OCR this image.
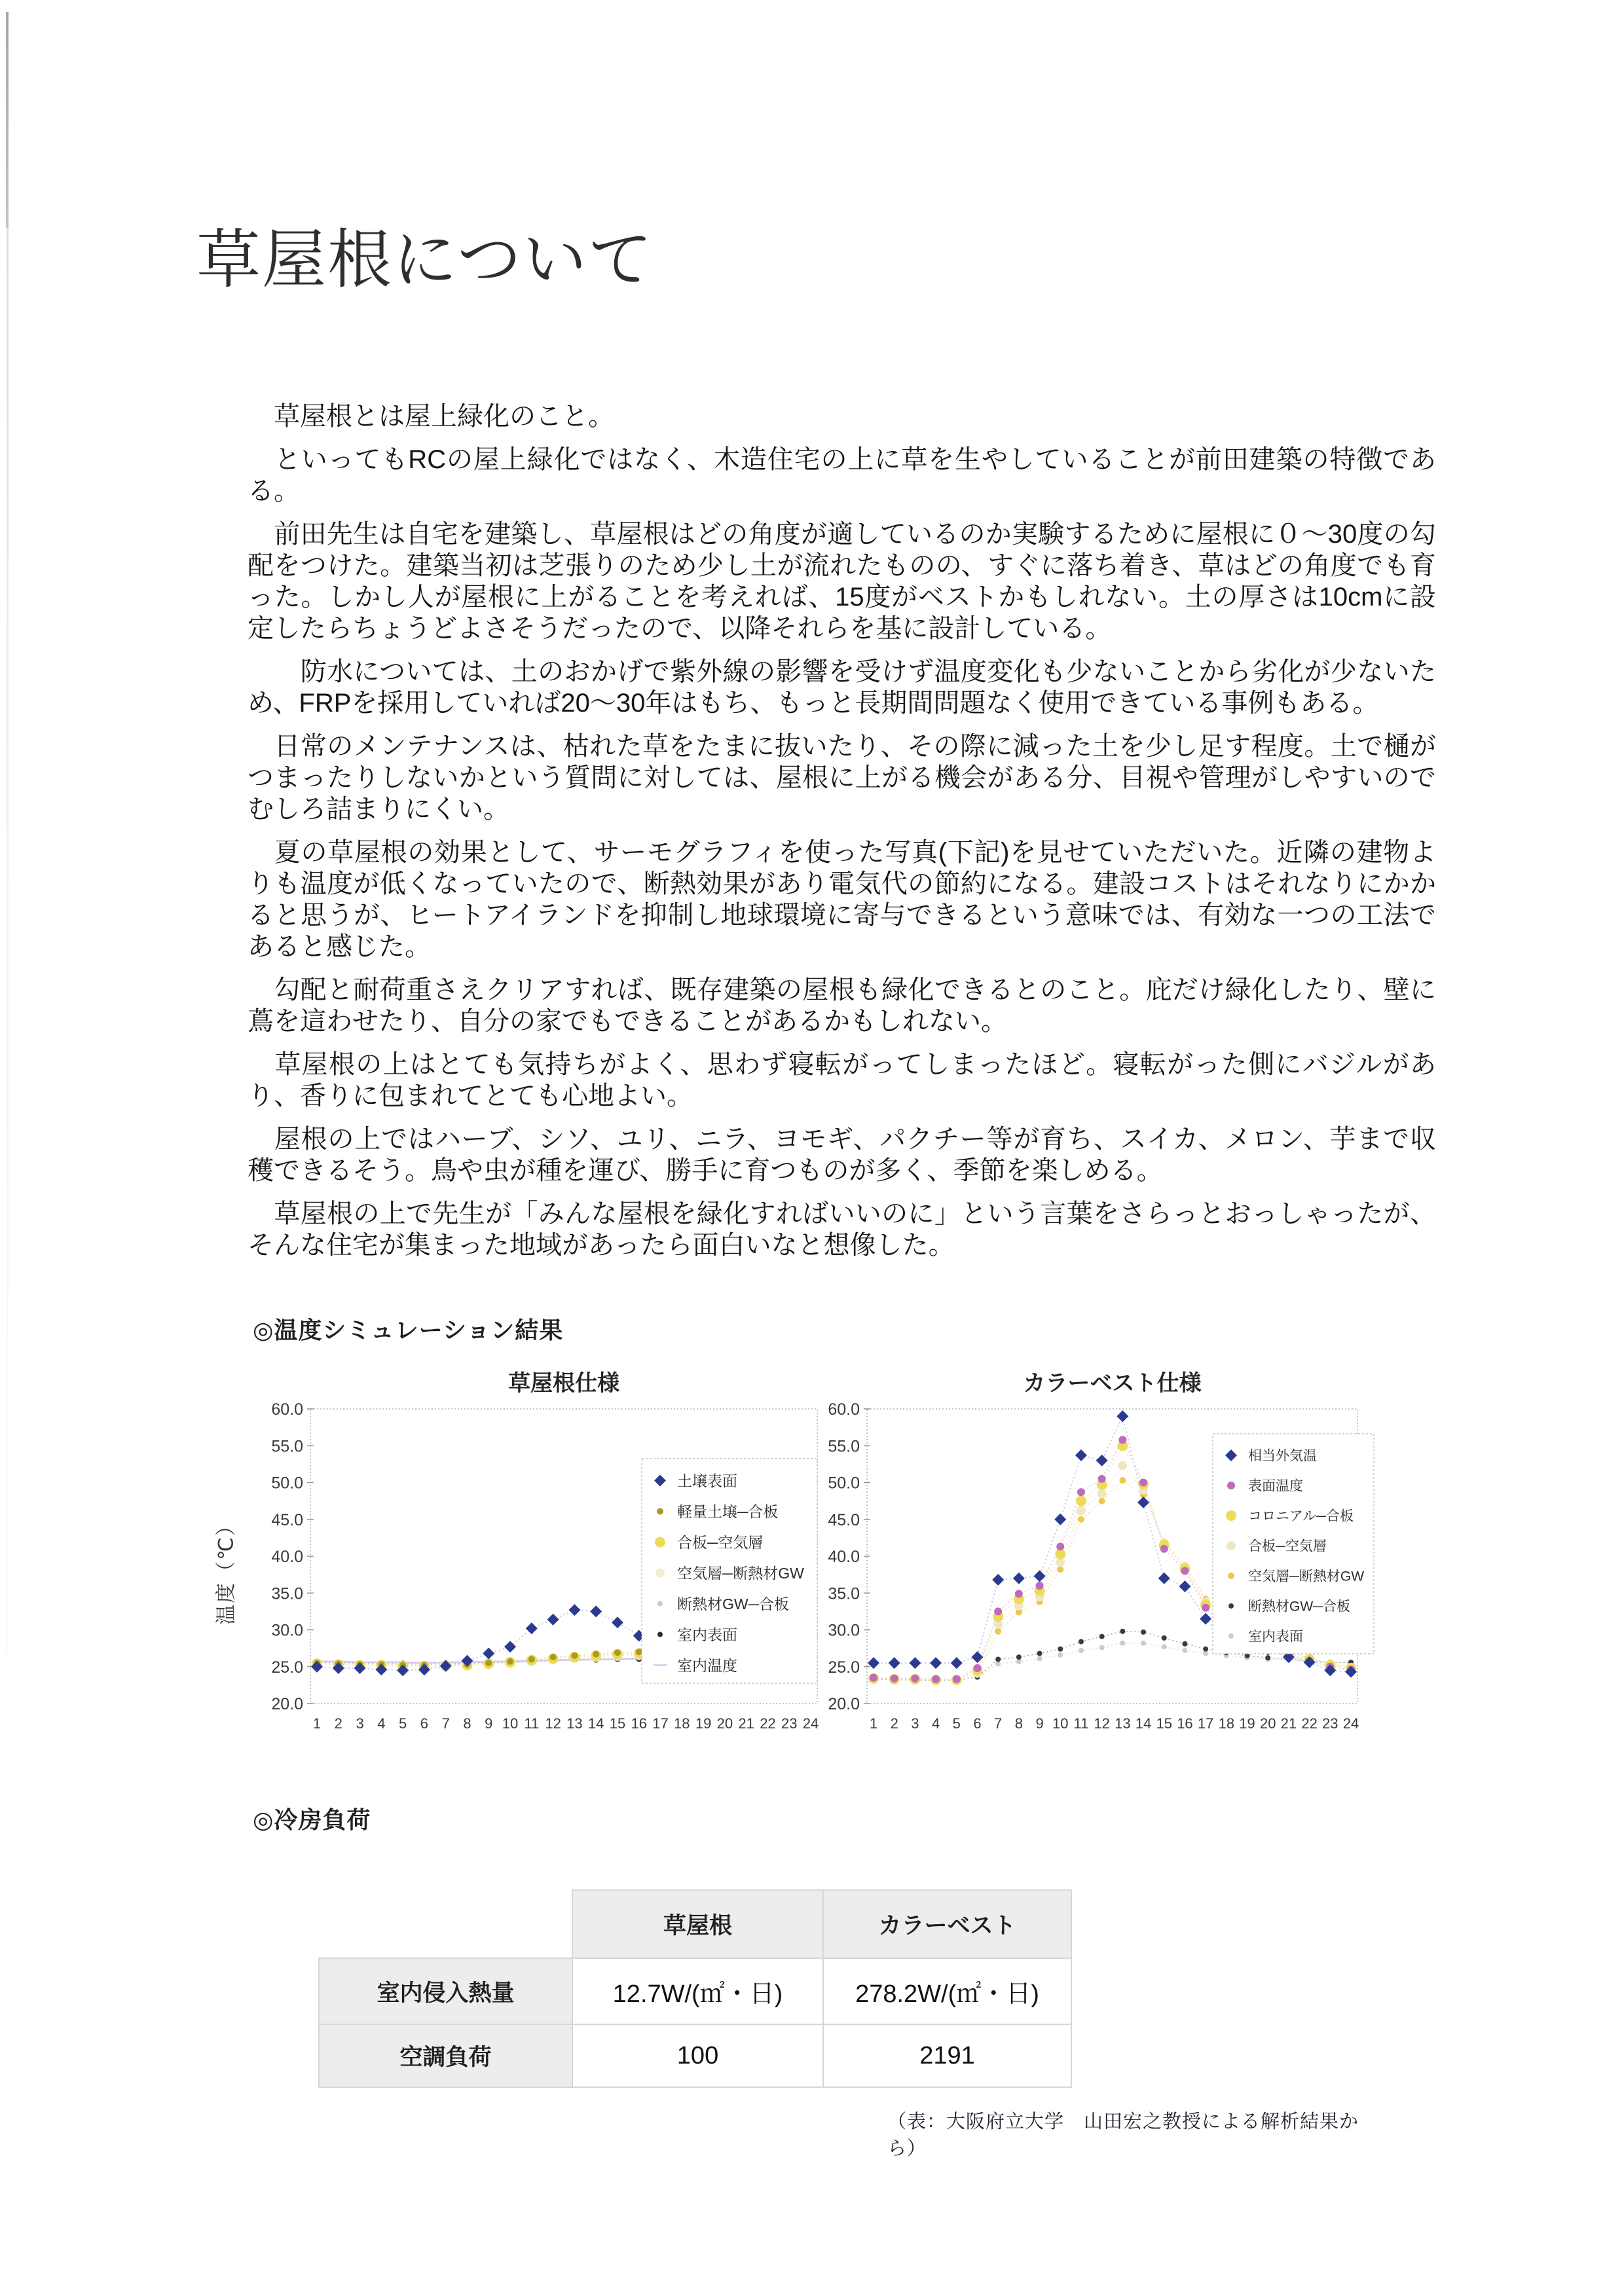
草屋根について

　草屋根とは屋上緑化のこと。

　といってもRCの屋上緑化ではなく、木造住宅の上に草を生やしていることが前田建築の特徴である。

　前田先生は自宅を建築し、草屋根はどの角度が適しているのか実験するために屋根に０～30度の勾配をつけた。建築当初は芝張りのため少し土が流れたものの、すぐに落ち着き、草はどの角度でも育った。しかし人が屋根に上がることを考えれば、15度がベストかもしれない。土の厚さは10cmに設定したらちょうどよさそうだったので、以降それらを基に設計している。

　　防水については、土のおかげで紫外線の影響を受けず温度変化も少ないことから劣化が少ないため、FRPを採用していれば20～30年はもち、もっと長期間問題なく使用できている事例もある。

　日常のメンテナンスは、枯れた草をたまに抜いたり、その際に減った土を少し足す程度。土で樋がつまったりしないかという質問に対しては、屋根に上がる機会がある分、目視や管理がしやすいのでむしろ詰まりにくい。

　夏の草屋根の効果として、サーモグラフィを使った写真(下記)を見せていただいた。近隣の建物よりも温度が低くなっていたので、断熱効果があり電気代の節約になる。建設コストはそれなりにかかると思うが、ヒートアイランドを抑制し地球環境に寄与できるという意味では、有効な一つの工法であると感じた。

　勾配と耐荷重さえクリアすれば、既存建築の屋根も緑化できるとのこと。庇だけ緑化したり、壁に蔦を這わせたり、自分の家でもできることがあるかもしれない。

　草屋根の上はとても気持ちがよく、思わず寝転がってしまったほど。寝転がった側にバジルがあり、香りに包まれてとても心地よい。

　屋根の上ではハーブ、シソ、ユリ、ニラ、ヨモギ、パクチー等が育ち、スイカ、メロン、芋まで収穫できるそう。鳥や虫が種を運び、勝手に育つものが多く、季節を楽しめる。

　草屋根の上で先生が「みんな屋根を緑化すればいいのに」という言葉をさらっとおっしゃったが、そんな住宅が集まった地域があったら面白いなと想像した。

◎温度シミュレーション結果
草屋根仕様
温度（℃）
20.0
25.0
30.0
35.0
40.0
45.0
50.0
55.0
60.0
1 2 3 4 5 6 7 8 9 10 11 12 13 14 15 16 17 18 19 20 21 22 23 24
土壌表面
軽量土壌─合板
合板─空気層
空気層─断熱材GW
断熱材GW─合板
室内表面
室内温度
カラーベスト仕様
20.0
25.0
30.0
35.0
40.0
45.0
50.0
55.0
60.0
1 2 3 4 5 6 7 8 9 10 11 12 13 14 15 16 17 18 19 20 21 22 23 24
相当外気温
表面温度
コロニアル─合板
合板─空気層
空気層─断熱材GW
断熱材GW─合板
室内表面
◎冷房負荷
	草屋根	カラーベスト
室内侵入熱量	12.7W/(㎡・日)	278.2W/(㎡・日)
空調負荷	100	2191
（表：大阪府立大学　山田宏之教授による解析結果から）
